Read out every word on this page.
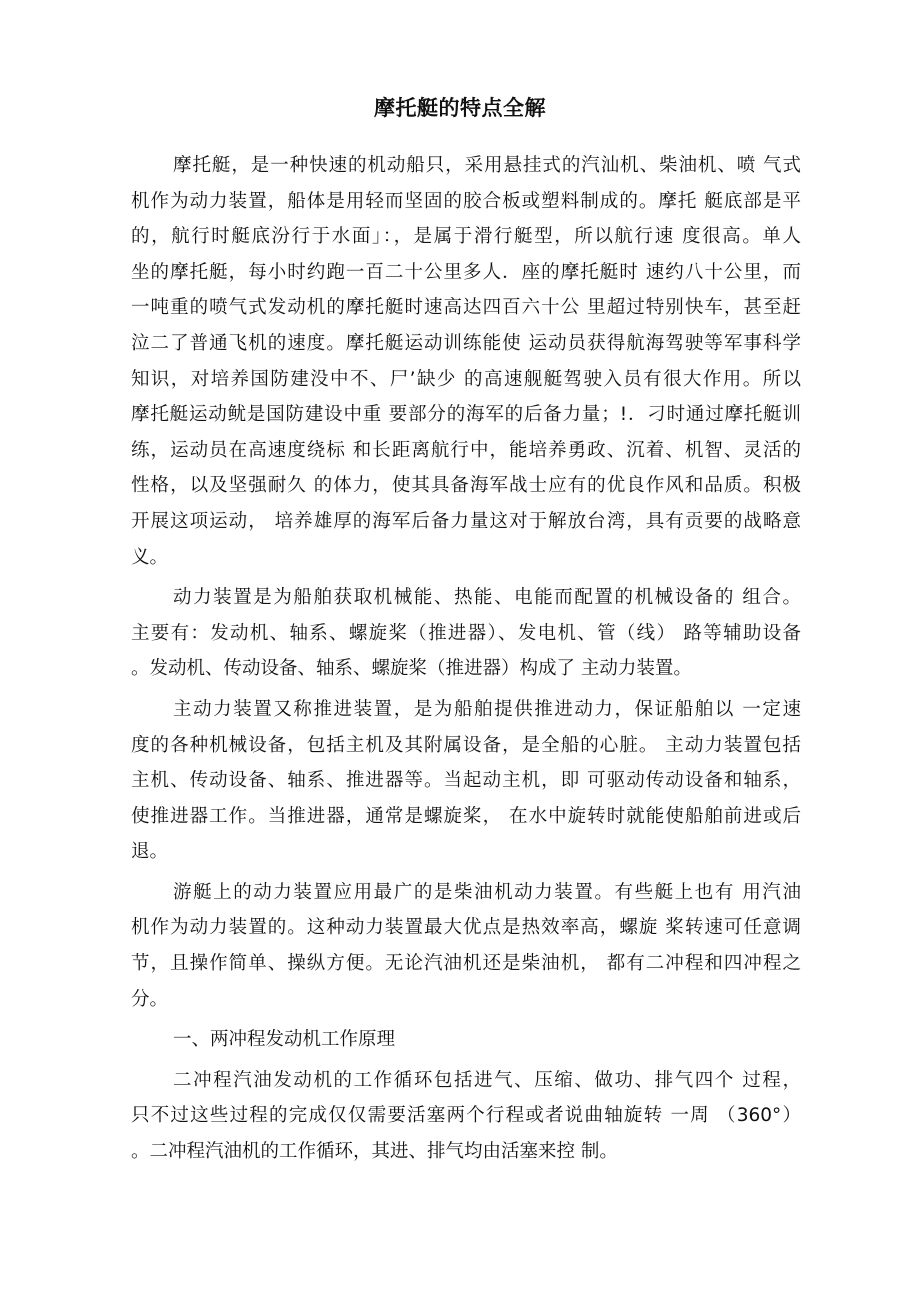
摩托艇的特点全解
摩托艇，是一种快速的机动船只，采用悬挂式的汽汕机、柴油机、喷 气式
机作为动力装置，船体是用轻而坚固的胶合板或塑料制成的。摩托 艇底部是平
的，航行时艇底汾行于水面」：，是属于滑行艇型，所以航行速 度很高。单人
坐的摩托艇，每小时约跑一百二十公里多人．座的摩托艇时 速约八十公里，而
一吨重的喷气式发动机的摩托艇时速高达四百六十公 里超过特别快车，甚至赶
泣二了普通飞机的速度。摩托艇运动训练能使 运动员获得航海驾驶等军事科学
知识，对培养国防建没中不、尸’缺少 的高速舰艇驾驶入员有很大作用。所以
摩托艇运动鱿是国防建设中重 要部分的海军的后备力量；!．刁时通过摩托艇训
练，运动员在高速度绕标 和长距离航行中，能培养勇政、沉着、机智、灵活的
性格，以及坚强耐久 的体力，使其具备海军战士应有的优良作风和品质。积极
开展这项运动， 培养雄厚的海军后备力量这对于解放台湾，具有贡要的战略意
义。
动力装置是为船舶获取机械能、热能、电能而配置的机械设备的 组合。
主要有：发动机、轴系、螺旋桨（推进器）、发电机、管（线） 路等辅助设备
。发动机、传动设备、轴系、螺旋桨（推进器）构成了 主动力装置。
主动力装置又称推进装置，是为船舶提供推进动力，保证船舶以 一定速
度的各种机械设备，包括主机及其附属设备，是全船的心脏。 主动力装置包括
主机、传动设备、轴系、推进器等。当起动主机，即 可驱动传动设备和轴系，
使推进器工作。当推进器，通常是螺旋桨， 在水中旋转时就能使船舶前进或后
退。
游艇上的动力装置应用最广的是柴油机动力装置。有些艇上也有 用汽油
机作为动力装置的。这种动力装置最大优点是热效率高，螺旋 桨转速可任意调
节，且操作简单、操纵方便。无论汽油机还是柴油机， 都有二冲程和四冲程之
分。
一、两冲程发动机工作原理
二冲程汽油发动机的工作循环包括进气、压缩、做功、排气四个 过程，
只不过这些过程的完成仅仅需要活塞两个行程或者说曲轴旋转 一周 （360°）
。二冲程汽油机的工作循环，其进、排气均由活塞来控 制。
